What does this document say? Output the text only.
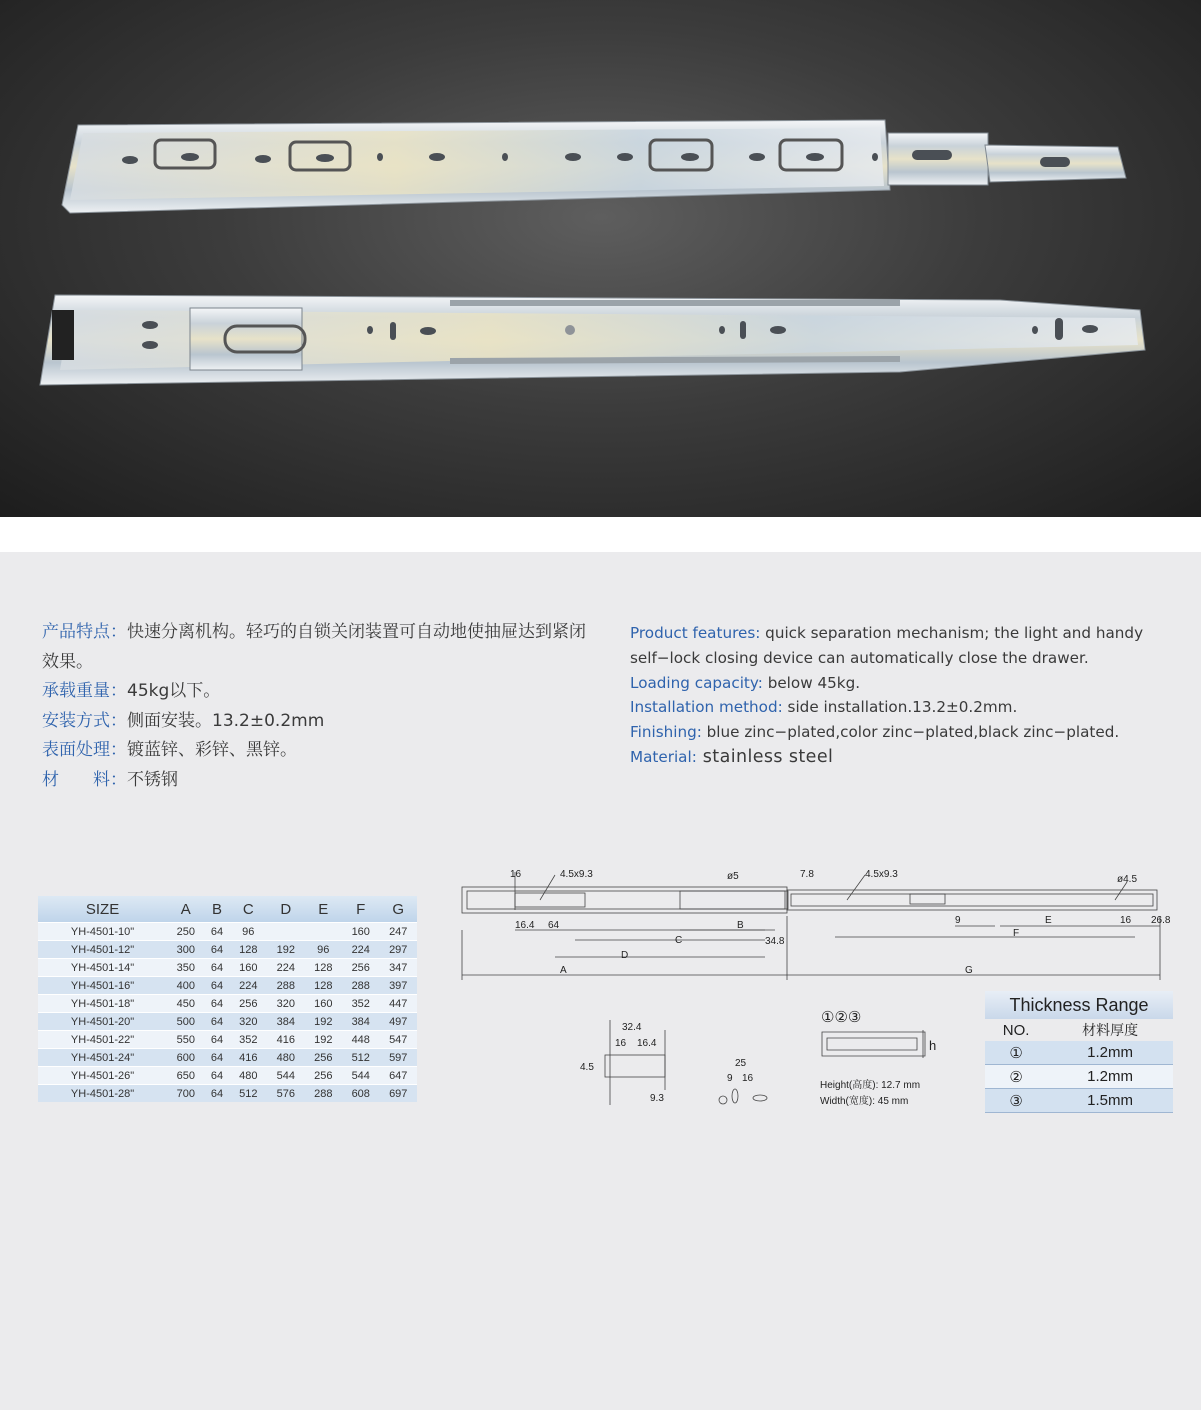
产品特点：快速分离机构。轻巧的自锁关闭装置可自动地使抽屉达到紧闭效果。

承载重量：45kg以下。

安装方式：侧面安装。13.2±0.2mm

表面处理：镀蓝锌、彩锌、黑锌。

材　　料：不锈钢

Product features: quick separation mechanism; the light and handy self−lock closing device can automatically close the drawer.

Loading capacity: below 45kg.

Installation method: side installation.13.2±0.2mm.

Finishing: blue zinc−plated,color zinc−plated,black zinc−plated.

Material: stainless steel

SIZE	A	B	C	D	E	F	G
YH-4501-10"	250	64	96			160	247
YH-4501-12"	300	64	128	192	96	224	297
YH-4501-14"	350	64	160	224	128	256	347
YH-4501-16"	400	64	224	288	128	288	397
YH-4501-18"	450	64	256	320	160	352	447
YH-4501-20"	500	64	320	384	192	384	497
YH-4501-22"	550	64	352	416	192	448	547
YH-4501-24"	600	64	416	480	256	512	597
YH-4501-26"	650	64	480	544	256	544	647
YH-4501-28"	700	64	512	576	288	608	697
16	4.5x9.3	ø5	7.8	4.5x9.3	ø4.5
16.4 64	B
C	34.8
D
A
9	E	16 26.8
F
G
32.4
16 16.4
4.5
9.3
25
9 16
①②③
h
Height(高度): 12.7 mm
Width(宽度): 45 mm
Thickness Range
NO.	材料厚度
①	1.2mm
②	1.2mm
③	1.5mm
